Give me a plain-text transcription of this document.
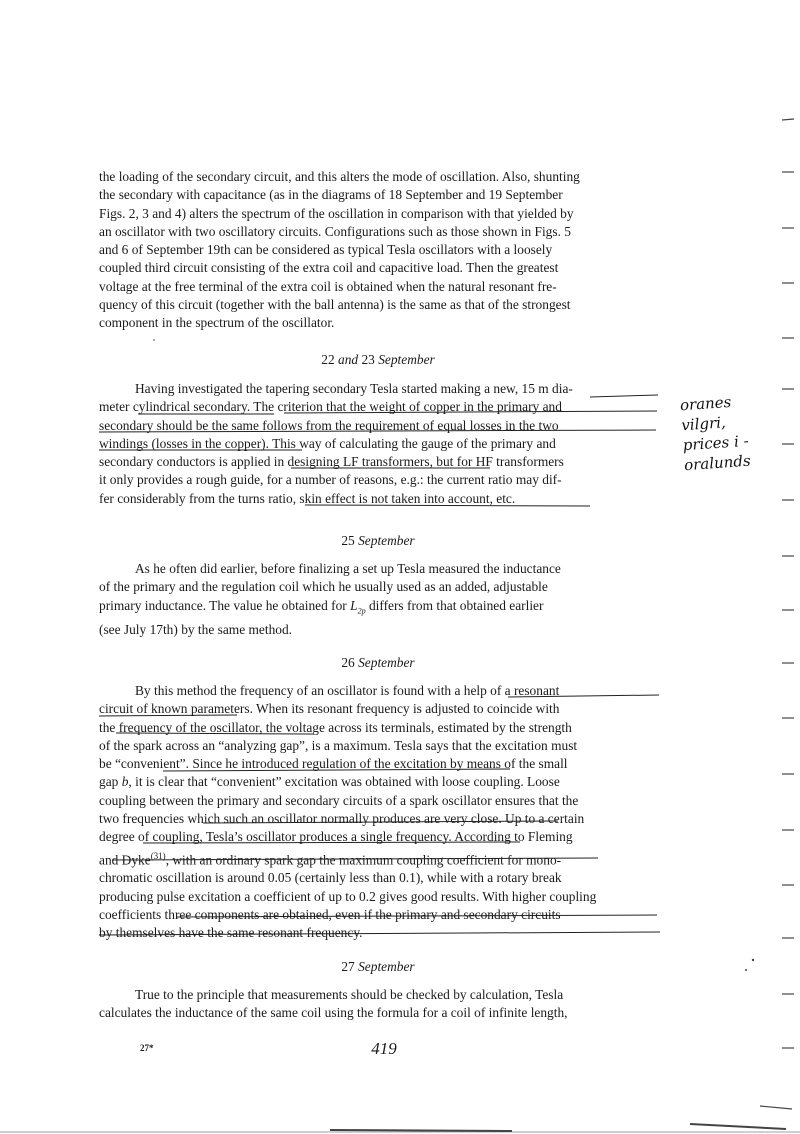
the loading of the secondary circuit, and this alters the mode of oscillation. Also, shunting

the secondary with capacitance (as in the diagrams of 18 September and 19 September

Figs. 2, 3 and 4) alters the spectrum of the oscillation in comparison with that yielded by

an oscillator with two oscillatory circuits. Configurations such as those shown in Figs. 5

and 6 of September 19th can be considered as typical Tesla oscillators with a loosely

coupled third circuit consisting of the extra coil and capacitive load. Then the greatest

voltage at the free terminal of the extra coil is obtained when the natural resonant fre-

quency of this circuit (together with the ball antenna) is the same as that of the strongest

component in the spectrum of the oscillator.

22 and 23 September

Having investigated the tapering secondary Tesla started making a new, 15 m dia-

meter cylindrical secondary. The criterion that the weight of copper in the primary and

secondary should be the same follows from the requirement of equal losses in the two

windings (losses in the copper). This way of calculating the gauge of the primary and

secondary conductors is applied in designing LF transformers, but for HF transformers

it only provides a rough guide, for a number of reasons, e.g.: the current ratio may dif-

fer considerably from the turns ratio, skin effect is not taken into account, etc.

25 September

As he often did earlier, before finalizing a set up Tesla measured the inductance

of the primary and the regulation coil which he usually used as an added, adjustable

primary inductance. The value he obtained for $L_{2p}$ differs from that obtained earlier

(see July 17th) by the same method.

26 September

By this method the frequency of an oscillator is found with a help of a resonant

circuit of known parameters. When its resonant frequency is adjusted to coincide with

the frequency of the oscillator, the voltage across its terminals, estimated by the strength

of the spark across an “analyzing gap”, is a maximum. Tesla says that the excitation must

be “convenient”. Since he introduced regulation of the excitation by means of the small

gap b, it is clear that “convenient” excitation was obtained with loose coupling. Loose

coupling between the primary and secondary circuits of a spark oscillator ensures that the

two frequencies which such an oscillator normally produces are very close. Up to a certain

degree of coupling, Tesla’s oscillator produces a single frequency. According to Fleming

and Dyke$^{(31)}$, with an ordinary spark gap the maximum coupling coefficient for mono-

chromatic oscillation is around 0.05 (certainly less than 0.1), while with a rotary break

producing pulse excitation a coefficient of up to 0.2 gives good results. With higher coupling

coefficients three components are obtained, even if the primary and secondary circuits

by themselves have the same resonant frequency.

27 September

True to the principle that measurements should be checked by calculation, Tesla

calculates the inductance of the same coil using the formula for a coil of infinite length,

27*	419
oranes
vilgri,
prices i -
oralunds
